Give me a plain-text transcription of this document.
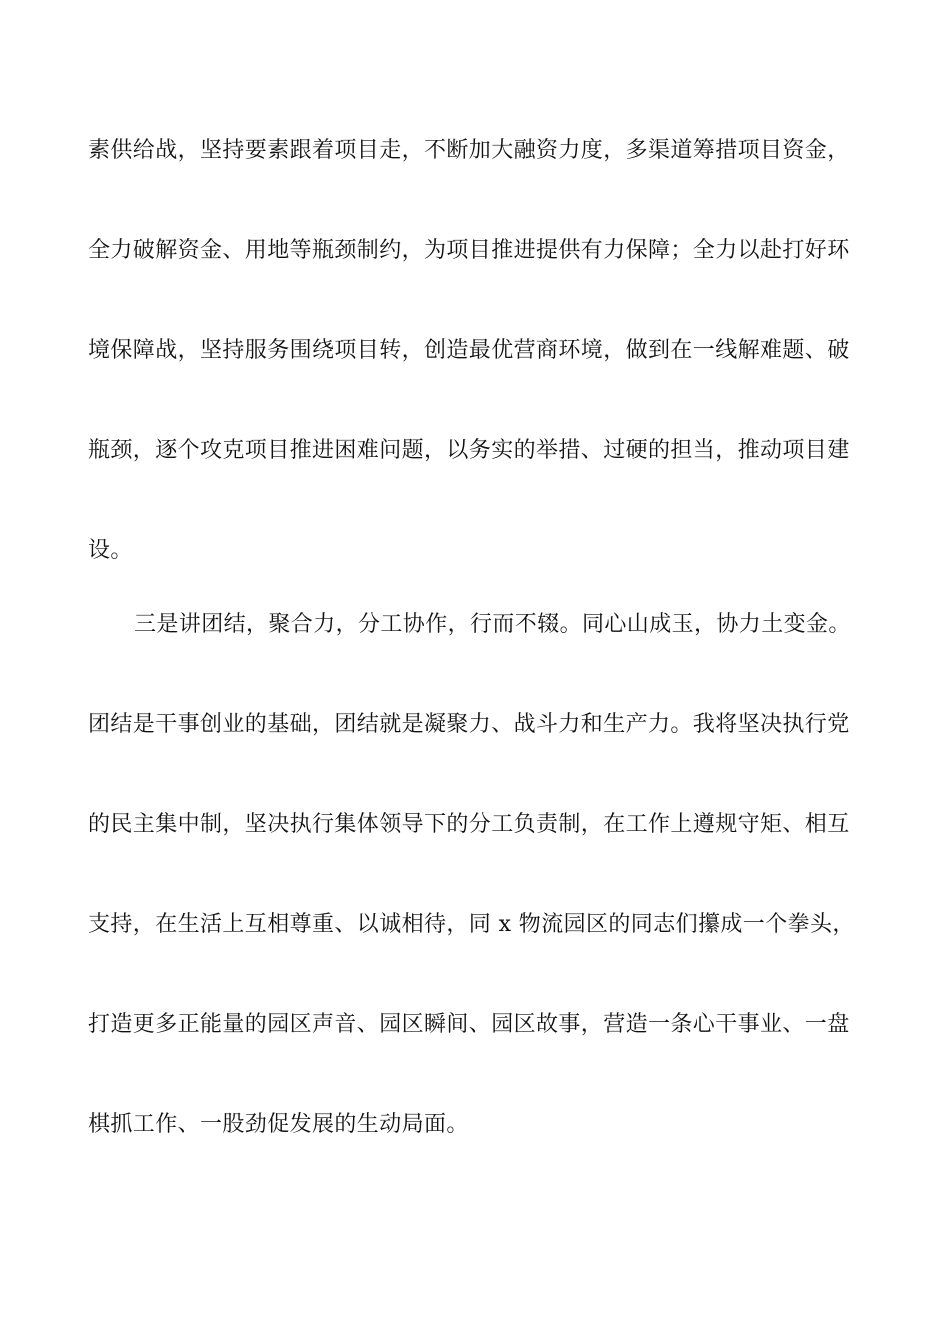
素供给战，坚持要素跟着项目走，不断加大融资力度，多渠道筹措项目资金，
全力破解资金、用地等瓶颈制约，为项目推进提供有力保障；全力以赴打好环
境保障战，坚持服务围绕项目转，创造最优营商环境，做到在一线解难题、破
瓶颈，逐个攻克项目推进困难问题，以务实的举措、过硬的担当，推动项目建
设。
三是讲团结，聚合力，分工协作，行而不辍。同心山成玉，协力土变金。
团结是干事创业的基础，团结就是凝聚力、战斗力和生产力。我将坚决执行党
的民主集中制，坚决执行集体领导下的分工负责制，在工作上遵规守矩、相互
支持，在生活上互相尊重、以诚相待，同 x 物流园区的同志们攥成一个拳头，
打造更多正能量的园区声音、园区瞬间、园区故事，营造一条心干事业、一盘
棋抓工作、一股劲促发展的生动局面。
